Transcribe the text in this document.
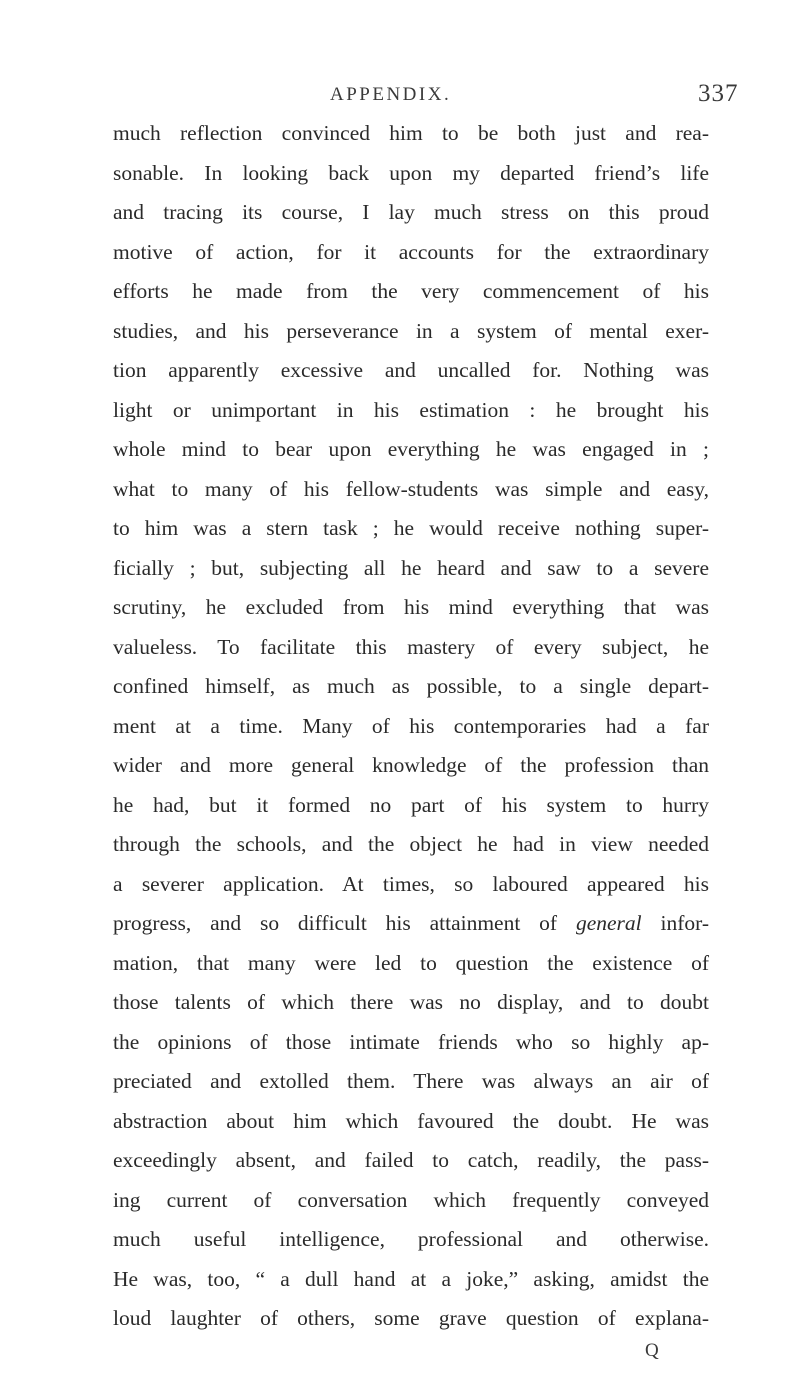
APPENDIX.	337
much reflection convinced him to be both just and rea-
sonable. In looking back upon my departed friend’s life
and tracing its course, I lay much stress on this proud
motive of action, for it accounts for the extraordinary
efforts he made from the very commencement of his
studies, and his perseverance in a system of mental exer-
tion apparently excessive and uncalled for. Nothing was
light or unimportant in his estimation : he brought his
whole mind to bear upon everything he was engaged in ;
what to many of his fellow-students was simple and easy,
to him was a stern task ; he would receive nothing super-
ficially ; but, subjecting all he heard and saw to a severe
scrutiny, he excluded from his mind everything that was
valueless. To facilitate this mastery of every subject, he
confined himself, as much as possible, to a single depart-
ment at a time. Many of his contemporaries had a far
wider and more general knowledge of the profession than
he had, but it formed no part of his system to hurry
through the schools, and the object he had in view needed
a severer application. At times, so laboured appeared his
progress, and so difficult his attainment of general infor-
mation, that many were led to question the existence of
those talents of which there was no display, and to doubt
the opinions of those intimate friends who so highly ap-
preciated and extolled them. There was always an air of
abstraction about him which favoured the doubt. He was
exceedingly absent, and failed to catch, readily, the pass-
ing current of conversation which frequently conveyed
much useful intelligence, professional and otherwise.
He was, too, “ a dull hand at a joke,” asking, amidst the
loud laughter of others, some grave question of explana-
Q
